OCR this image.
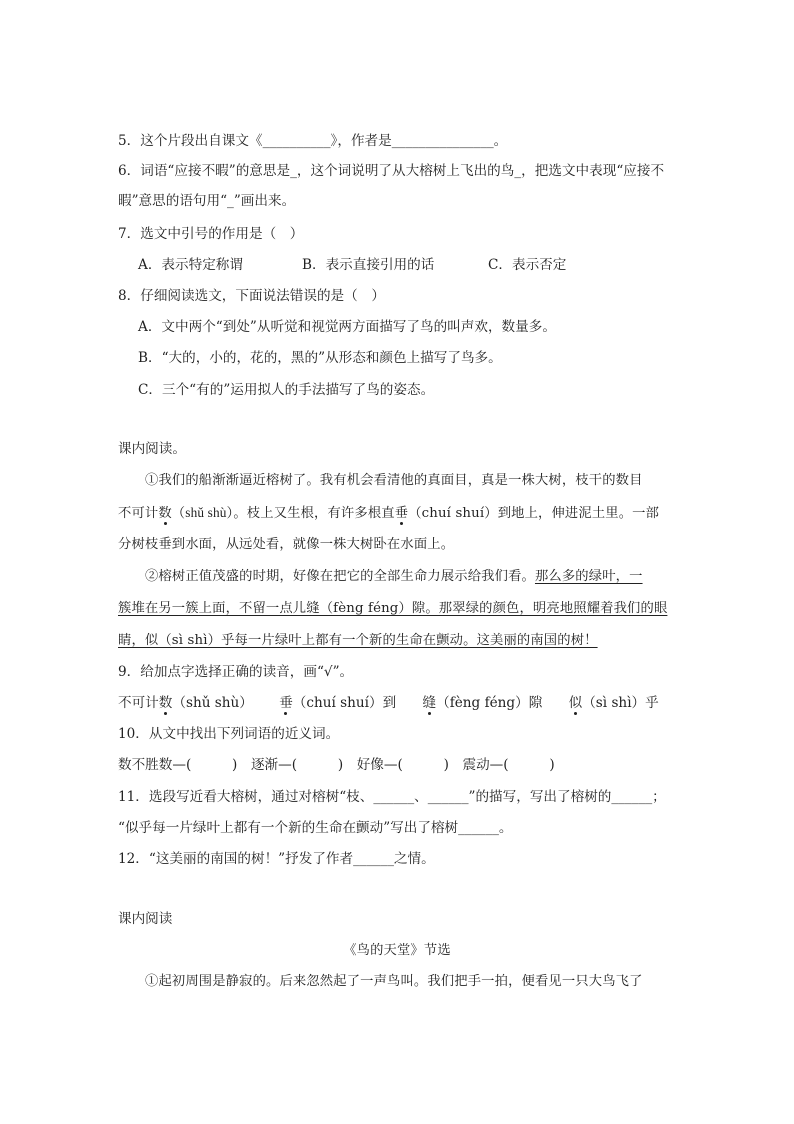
5．这个片段出自课文《__________》，作者是_______________。
6．词语“应接不暇”的意思是_，这个词说明了从大榕树上飞出的鸟_，把选文中表现“应接不
暇”意思的语句用“_”画出来。
7．选文中引号的作用是（　）
A．表示特定称谓	B．表示直接引用的话	C．表示否定
8．仔细阅读选文，下面说法错误的是（　）
A．文中两个“到处”从听觉和视觉两方面描写了鸟的叫声欢，数量多。
B．“大的，小的，花的，黑的”从形态和颜色上描写了鸟多。
C．三个“有的”运用拟人的手法描写了鸟的姿态。
课内阅读。
①我们的船渐渐逼近榕树了。我有机会看清他的真面目，真是一株大树，枝干的数目
不可计数（shǔ shù）。枝上又生根，有许多根直垂（chuí shuí）到地上，伸进泥土里。一部
分树枝垂到水面，从远处看，就像一株大树卧在水面上。
②榕树正值茂盛的时期，好像在把它的全部生命力展示给我们看。那么多的绿叶，一
簇堆在另一簇上面，不留一点儿缝（fèng féng）隙。那翠绿的颜色，明亮地照耀着我们的眼
睛，似（sì shì）乎每一片绿叶上都有一个新的生命在颤动。这美丽的南国的树！
9．给加点字选择正确的读音，画“√”。
不可计数（shǔ shù） 垂（chuí shuí）到 缝（fèng féng）隙 似（sì shì）乎
10．从文中找出下列词语的近义词。
数不胜数—(　　　)　逐渐—(　　　)　好像—(　　　)　震动—(　　　)
11．选段写近看大榕树，通过对榕树“枝、______、______”的描写，写出了榕树的______；
“似乎每一片绿叶上都有一个新的生命在颤动”写出了榕树______。
12．“这美丽的南国的树！”抒发了作者______之情。
课内阅读
《鸟的天堂》节选
①起初周围是静寂的。后来忽然起了一声鸟叫。我们把手一拍，便看见一只大鸟飞了
